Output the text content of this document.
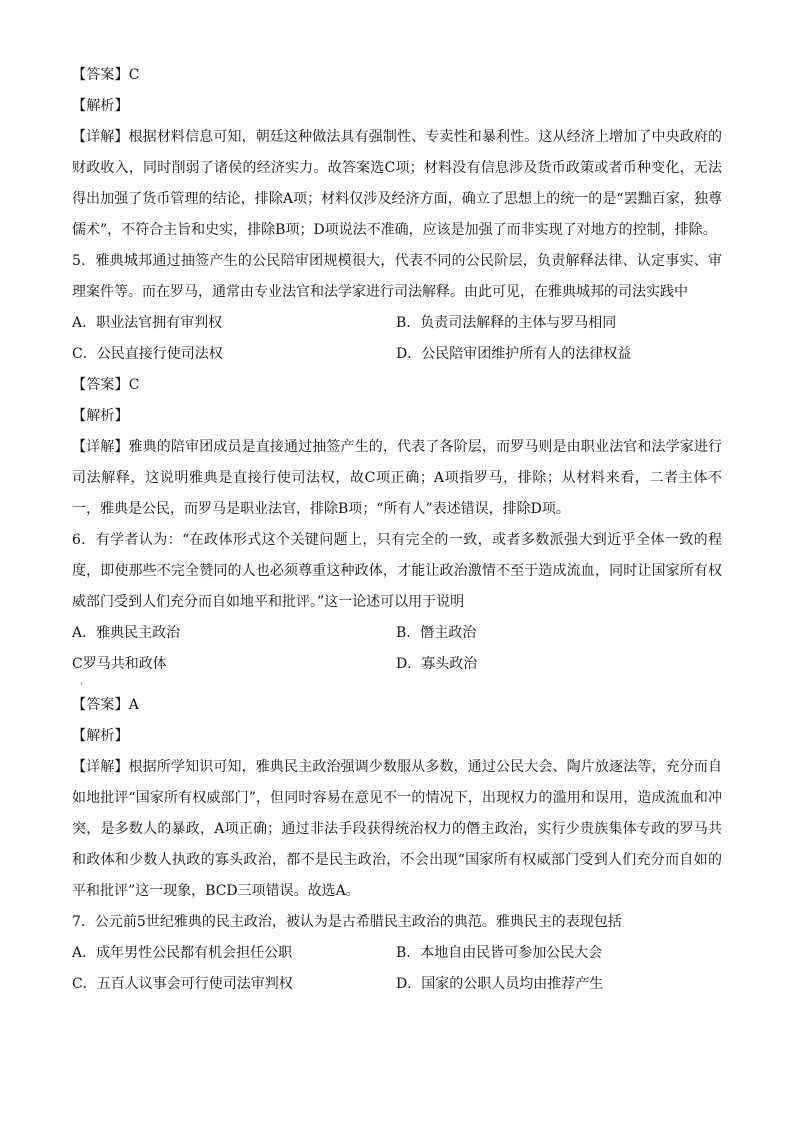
【答案】C
【解析】
【详解】根据材料信息可知，朝廷这种做法具有强制性、专卖性和暴利性。这从经济上增加了中央政府的财政收入，同时削弱了诸侯的经济实力。故答案选C项；材料没有信息涉及货币政策或者币种变化，无法得出加强了货币管理的结论，排除A项；材料仅涉及经济方面，确立了思想上的统一的是“罢黜百家，独尊儒术”，不符合主旨和史实，排除B项；D项说法不准确，应该是加强了而非实现了对地方的控制，排除。
5．雅典城邦通过抽签产生的公民陪审团规模很大，代表不同的公民阶层，负责解释法律、认定事实、审理案件等。而在罗马，通常由专业法官和法学家进行司法解释。由此可见，在雅典城邦的司法实践中
A．职业法官拥有审判权	B．负责司法解释的主体与罗马相同
C．公民直接行使司法权	D．公民陪审团维护所有人的法律权益
【答案】C
【解析】
【详解】雅典的陪审团成员是直接通过抽签产生的，代表了各阶层，而罗马则是由职业法官和法学家进行司法解释，这说明雅典是直接行使司法权，故C项正确；A项指罗马，排除；从材料来看，二者主体不一，雅典是公民，而罗马是职业法官，排除B项；“所有人”表述错误，排除D项。
6．有学者认为：“在政体形式这个关键问题上，只有完全的一致，或者多数派强大到近乎全体一致的程度，即使那些不完全赞同的人也必须尊重这种政体，才能让政治激情不至于造成流血，同时让国家所有权威部门受到人们充分而自如地平和批评。”这一论述可以用于说明
A．雅典民主政治	B．僭主政治
C罗马共和政体	D．寡头政治
·
【答案】A
【解析】
【详解】根据所学知识可知，雅典民主政治强调少数服从多数，通过公民大会、陶片放逐法等，充分而自如地批评“国家所有权威部门”，但同时容易在意见不一的情况下，出现权力的滥用和误用，造成流血和冲突，是多数人的暴政，A项正确；通过非法手段获得统治权力的僭主政治，实行少贵族集体专政的罗马共和政体和少数人执政的寡头政治，都不是民主政治，不会出现“国家所有权威部门受到人们充分而自如的平和批评”这一现象，BCD三项错误。故选A。
7．公元前5世纪雅典的民主政治，被认为是古希腊民主政治的典范。雅典民主的表现包括
A．成年男性公民都有机会担任公职	B．本地自由民皆可参加公民大会
C．五百人议事会可行使司法审判权	D．国家的公职人员均由推荐产生
